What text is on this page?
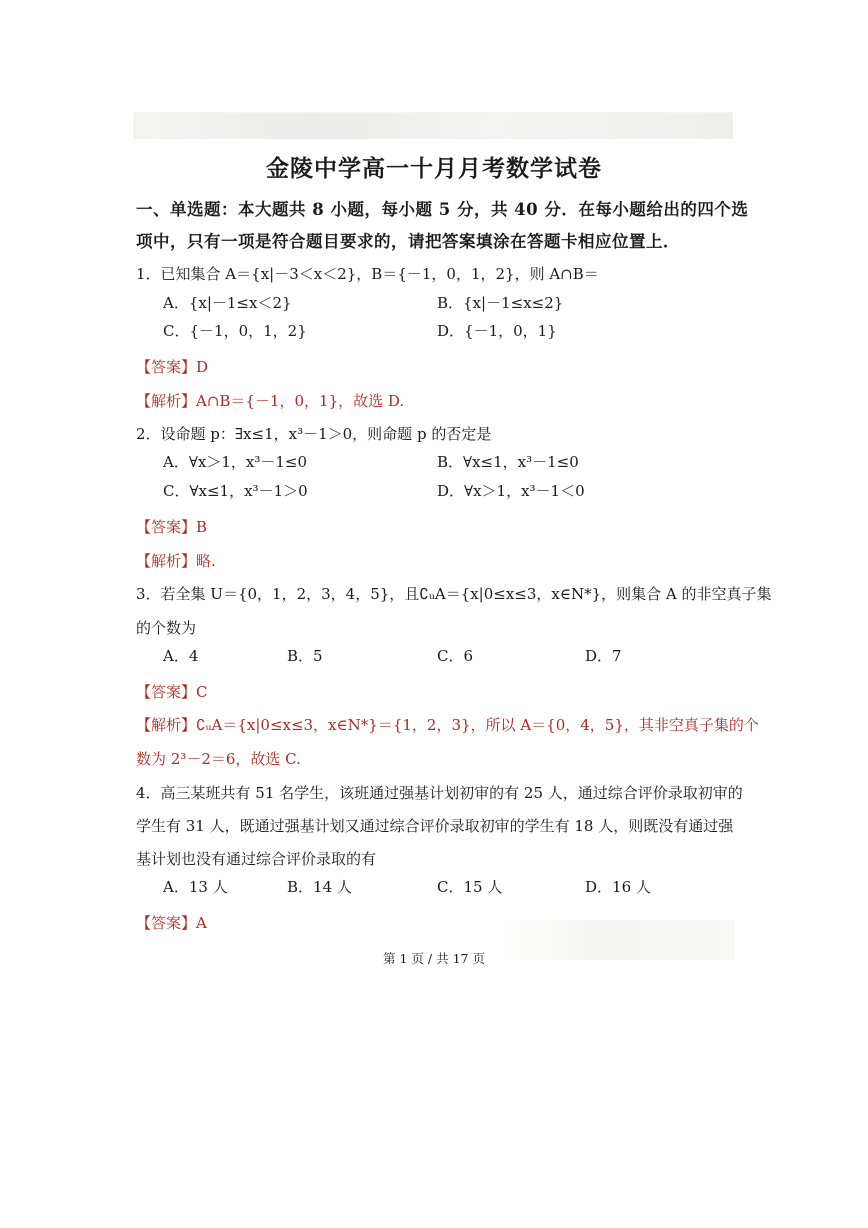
金陵中学高一十月月考数学试卷
一、单选题：本大题共 8 小题，每小题 5 分，共 40 分．在每小题给出的四个选
项中，只有一项是符合题目要求的，请把答案填涂在答题卡相应位置上．
1．已知集合 A＝{x|－3＜x＜2}，B＝{－1，0，1，2}，则 A∩B＝
A．{x|－1≤x＜2}	B．{x|－1≤x≤2}
C．{－1，0，1，2}	D．{－1，0，1}
【答案】D
【解析】A∩B＝{－1，0，1}，故选 D.
2．设命题 p：∃x≤1，x³－1＞0，则命题 p 的否定是
A．∀x＞1，x³－1≤0	B．∀x≤1，x³－1≤0
C．∀x≤1，x³－1＞0	D．∀x＞1，x³－1＜0
【答案】B
【解析】略.
3．若全集 U＝{0，1，2，3，4，5}，且∁ᵤA＝{x|0≤x≤3，x∈N*}，则集合 A 的非空真子集
的个数为
A．4	B．5	C．6	D．7
【答案】C
【解析】∁ᵤA＝{x|0≤x≤3，x∈N*}＝{1，2，3}，所以 A＝{0，4，5}，其非空真子集的个
数为 2³－2＝6，故选 C.
4．高三某班共有 51 名学生，该班通过强基计划初审的有 25 人，通过综合评价录取初审的
学生有 31 人，既通过强基计划又通过综合评价录取初审的学生有 18 人，则既没有通过强
基计划也没有通过综合评价录取的有
A．13 人	B．14 人	C．15 人	D．16 人
【答案】A
第 1 页 / 共 17 页
